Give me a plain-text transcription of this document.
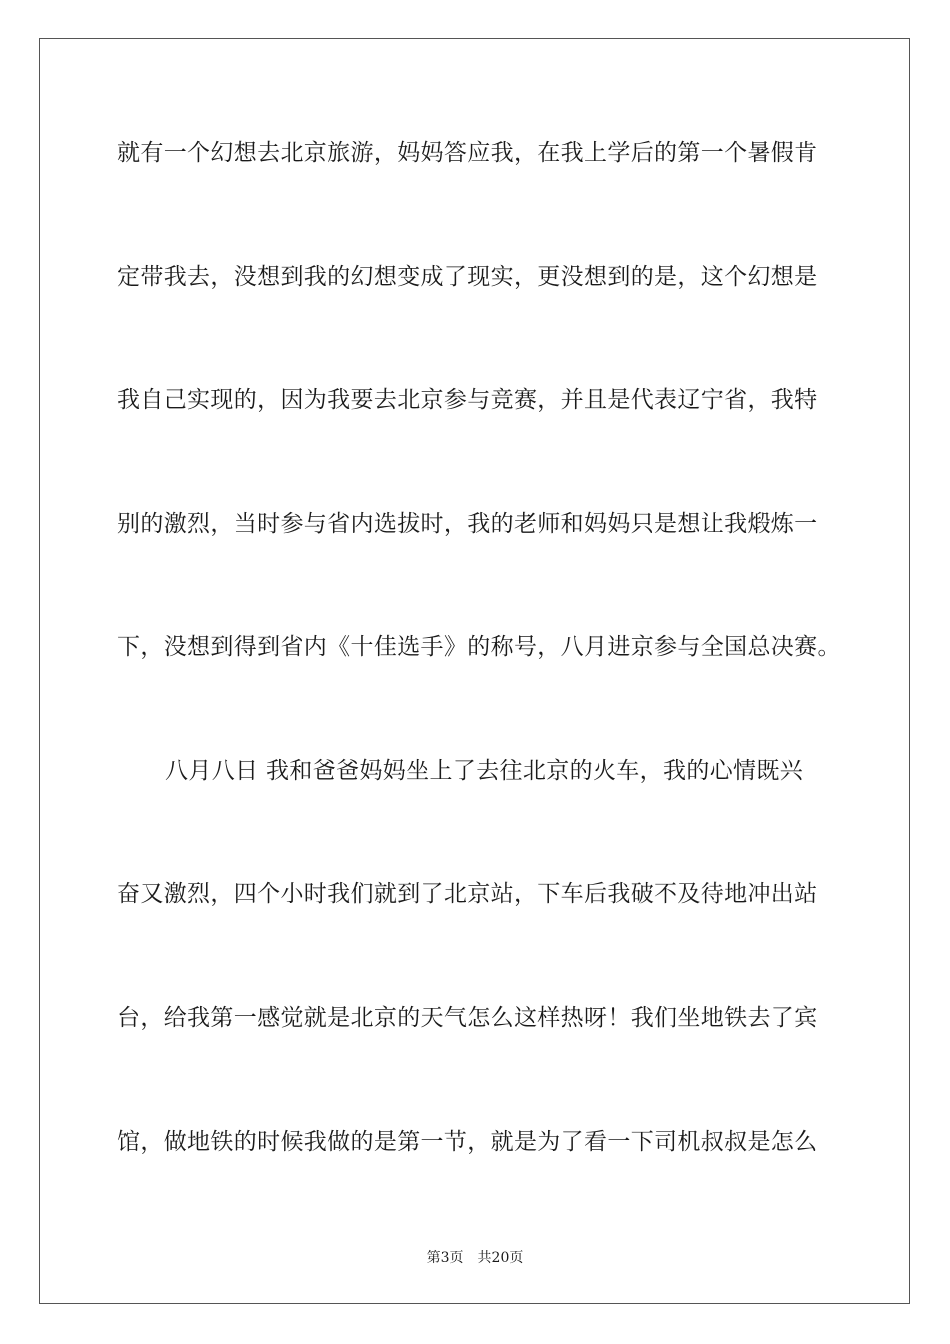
就有一个幻想去北京旅游，妈妈答应我，在我上学后的第一个暑假肯
定带我去，没想到我的幻想变成了现实，更没想到的是，这个幻想是
我自己实现的，因为我要去北京参与竞赛，并且是代表辽宁省，我特
别的激烈，当时参与省内选拔时，我的老师和妈妈只是想让我煅炼一
下，没想到得到省内《十佳选手》的称号，八月进京参与全国总决赛。
八月八日 我和爸爸妈妈坐上了去往北京的火车，我的心情既兴
奋又激烈，四个小时我们就到了北京站，下车后我破不及待地冲出站
台，给我第一感觉就是北京的天气怎么这样热呀！我们坐地铁去了宾
馆，做地铁的时候我做的是第一节，就是为了看一下司机叔叔是怎么
第3页 共20页
